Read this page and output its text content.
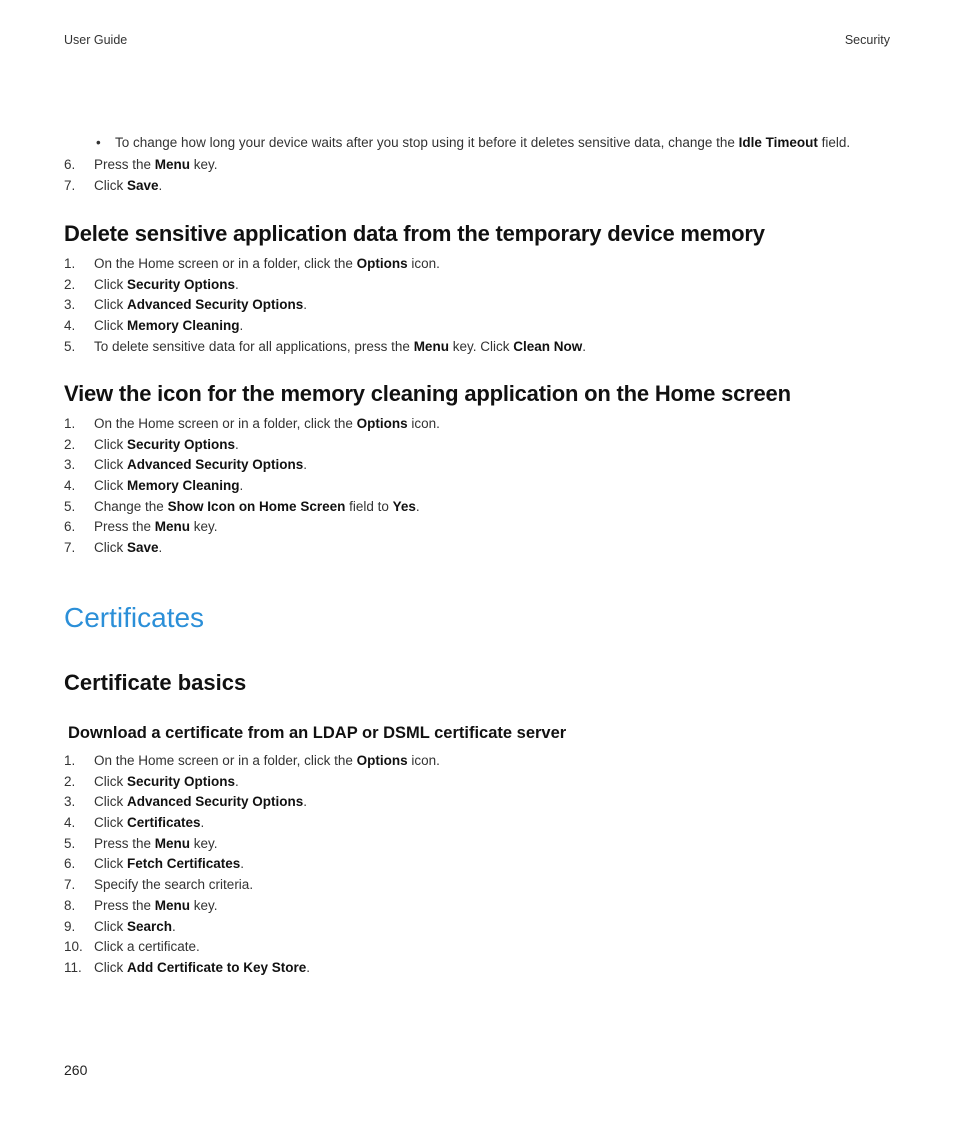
User Guide	Security
• To change how long your device waits after you stop using it before it deletes sensitive data, change the Idle Timeout field.
6. Press the Menu key.
7. Click Save.
Delete sensitive application data from the temporary device memory
1. On the Home screen or in a folder, click the Options icon.
2. Click Security Options.
3. Click Advanced Security Options.
4. Click Memory Cleaning.
5. To delete sensitive data for all applications, press the Menu key. Click Clean Now.
View the icon for the memory cleaning application on the Home screen
1. On the Home screen or in a folder, click the Options icon.
2. Click Security Options.
3. Click Advanced Security Options.
4. Click Memory Cleaning.
5. Change the Show Icon on Home Screen field to Yes.
6. Press the Menu key.
7. Click Save.
Certificates
Certificate basics
Download a certificate from an LDAP or DSML certificate server
1. On the Home screen or in a folder, click the Options icon.
2. Click Security Options.
3. Click Advanced Security Options.
4. Click Certificates.
5. Press the Menu key.
6. Click Fetch Certificates.
7. Specify the search criteria.
8. Press the Menu key.
9. Click Search.
10. Click a certificate.
11. Click Add Certificate to Key Store.
260
